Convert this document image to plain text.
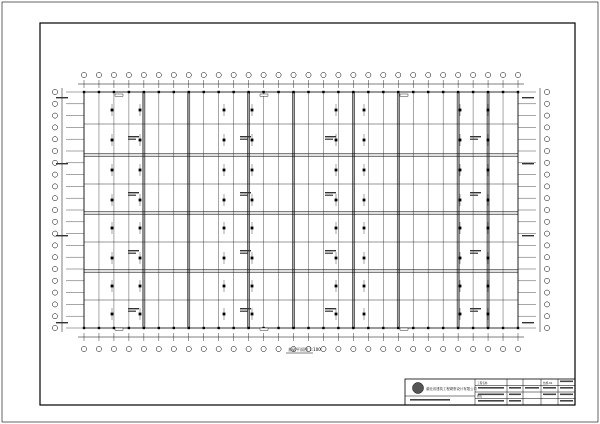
基础平面图 1:100
湖北省建筑工程勘察设计有限公司
工程名称
图名
结施-01
